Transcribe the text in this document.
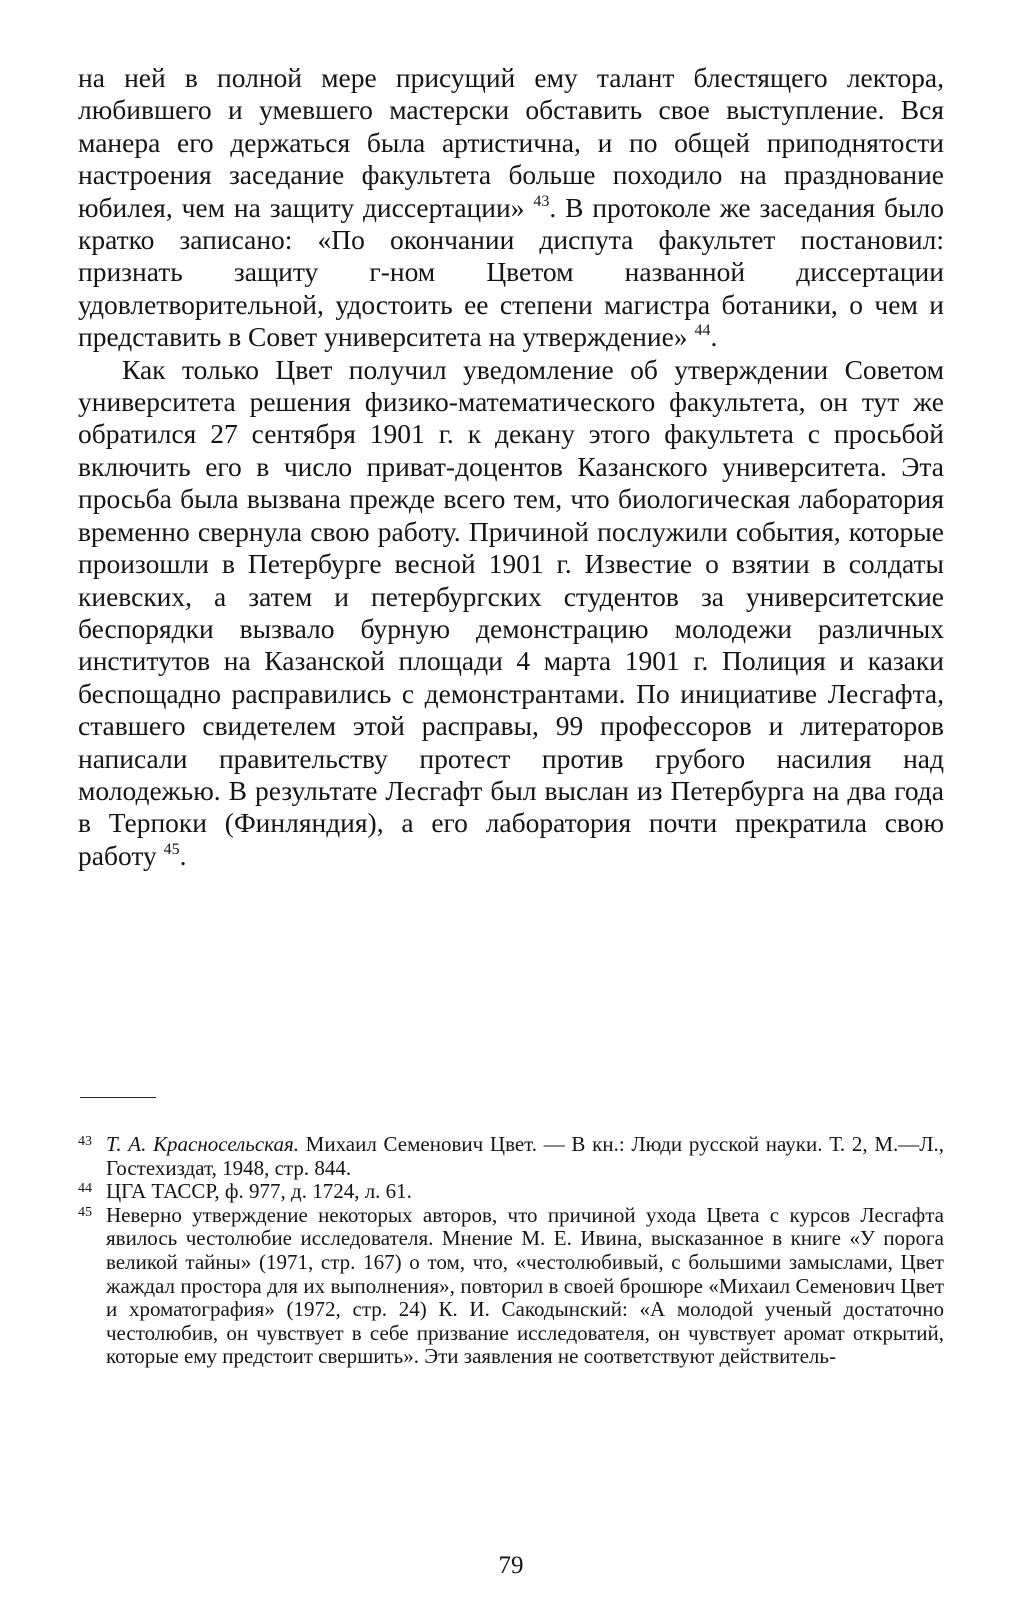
на ней в полной мере присущий ему талант блестящего лектора, любившего и умевшего мастерски обставить свое выступление. Вся манера его держаться была артистична, и по общей приподнятости настроения заседание факультета больше походило на празднование юбилея, чем на защиту диссертации» $^{43}$. В протоколе же заседания было кратко записано: «По окончании диспута факультет постановил: признать защиту г-ном Цветом названной диссертации удовлетворительной, удостоить ее степени магистра ботаники, о чем и представить в Совет университета на утверждение» $^{44}$.

Как только Цвет получил уведомление об утверждении Советом университета решения физико-математического факультета, он тут же обратился 27 сентября 1901 г. к декану этого факультета с просьбой включить его в число приват-доцентов Казанского университета. Эта просьба была вызвана прежде всего тем, что биологическая лаборатория временно свернула свою работу. Причиной послужили события, которые произошли в Петербурге весной 1901 г. Известие о взятии в солдаты киевских, а затем и петербургских студентов за университетские беспорядки вызвало бурную демонстрацию молодежи различных институтов на Казанской площади 4 марта 1901 г. Полиция и казаки беспощадно расправились с демонстрантами. По инициативе Лесгафта, ставшего свидетелем этой расправы, 99 профессоров и литераторов написали правительству протест против грубого насилия над молодежью. В результате Лесгафт был выслан из Петербурга на два года в Терпоки (Финляндия), а его лаборатория почти прекратила свою работу $^{45}$.

43 Т. А. Красносельская. Михаил Семенович Цвет. — В кн.: Люди русской науки. Т. 2, М.—Л., Гостехиздат, 1948, стр. 844.

44 ЦГА ТАССР, ф. 977, д. 1724, л. 61.

45 Неверно утверждение некоторых авторов, что причиной ухода Цвета с курсов Лесгафта явилось честолюбие исследователя. Мнение М. Е. Ивина, высказанное в книге «У порога великой тайны» (1971, стр. 167) о том, что, «честолюбивый, с большими замыслами, Цвет жаждал простора для их выполнения», повторил в своей брошюре «Михаил Семенович Цвет и хроматография» (1972, стр. 24) К. И. Сакодынский: «А молодой ученый достаточно честолюбив, он чувствует в себе призвание исследователя, он чувствует аромат открытий, которые ему предстоит свершить». Эти заявления не соответствуют действитель-

79
